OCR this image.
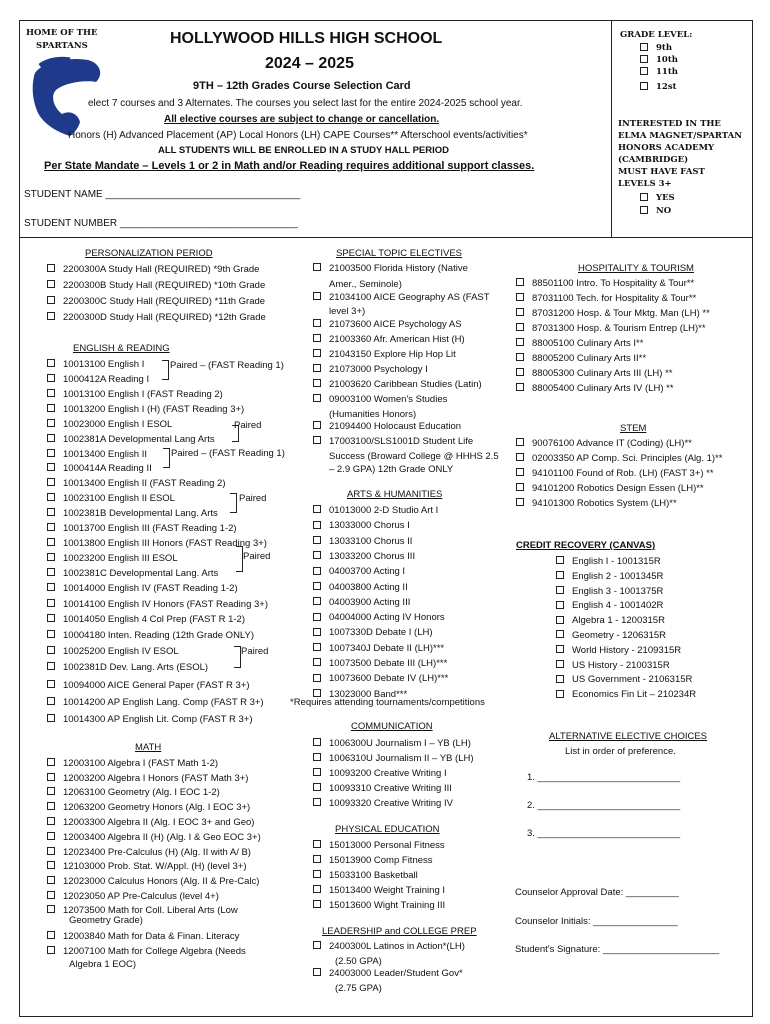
HOME OF THE
SPARTANS	HOLLYWOOD HILLS HIGH SCHOOL
2024 – 2025
9TH – 12th Grades Course Selection Card
elect 7 courses and 3 Alternates. The courses you select last for the entire 2024-2025 school year.
All elective courses are subject to change or cancellation.
Honors (H) Advanced Placement (AP) Local Honors (LH) CAPE Courses** Afterschool events/activities*
ALL STUDENTS WILL BE ENROLLED IN A STUDY HALL PERIOD
Per State Mandate – Levels 1 or 2 in Math and/or Reading requires additional support classes.
STUDENT NAME ___________________________________
STUDENT NUMBER ________________________________
GRADE LEVEL:
9th
10th
11th
12st
INTERESTED IN THE
ELMA MAGNET/SPARTAN
HONORS ACADEMY
(CAMBRIDGE)
MUST HAVE FAST
LEVELS 3+
YES
NO
PERSONALIZATION PERIOD
2200300A Study Hall (REQUIRED) *9th Grade
2200300B Study Hall (REQUIRED) *10th Grade
2200300C Study Hall (REQUIRED) *11th Grade
2200300D Study Hall (REQUIRED) *12th Grade
ENGLISH & READING
10013100 English I
1000412A Reading I
10013100 English I (FAST Reading 2)
10013200 English I (H) (FAST Reading 3+)
10023000 English I ESOL
1002381A Developmental Lang Arts
10013400 English II
1000414A Reading II
10013400 English II (FAST Reading 2)
10023100 English II ESOL
1002381B Developmental Lang. Arts
10013700 English III (FAST Reading 1-2)
10013800 English III Honors (FAST Reading 3+)
10023200 English III ESOL
1002381C Developmental Lang. Arts
10014000 English IV (FAST Reading 1-2)
10014100 English IV Honors (FAST Reading 3+)
10014050 English 4 Col Prep (FAST R 1-2)
10004180 Inten. Reading (12th Grade ONLY)
10025200 English IV ESOL
1002381D Dev. Lang. Arts (ESOL)
10094000 AICE General Paper (FAST R 3+)
10014200 AP English Lang. Comp (FAST R 3+)
10014300 AP English Lit. Comp (FAST R 3+)
Paired – (FAST Reading 1)
Paired
Paired – (FAST Reading 1)
Paired
Paired
Paired
MATH
12003100 Algebra I (FAST Math 1-2)
12003200 Algebra I Honors (FAST Math 3+)
12063100 Geometry (Alg. I EOC 1-2)
12063200 Geometry Honors (Alg. I EOC 3+)
12003300 Algebra II (Alg. I EOC 3+ and Geo)
12003400 Algebra II (H) (Alg. I & Geo EOC 3+)
12023400 Pre-Calculus (H) (Alg. II with A/ B)
12103000 Prob. Stat. W/Appl. (H) (level 3+)
12023000 Calculus Honors (Alg. II & Pre-Calc)
12023050 AP Pre-Calculus (level 4+)
12073500 Math for Coll. Liberal Arts (Low
12003840 Math for Data & Finan. Literacy
12007100 Math for College Algebra (Needs
Geometry Grade)
Algebra 1 EOC)
SPECIAL TOPIC ELECTIVES
21003500 Florida History (Native
Amer., Seminole)
21034100 AICE Geography AS (FAST
level 3+)
21073600 AICE Psychology AS
21003360 Afr. American Hist (H)
21043150 Explore Hip Hop Lit
21073000 Psychology I
21003620 Caribbean Studies (Latin)
09003100 Women's Studies
(Humanities Honors)
21094400 Holocaust Education
17003100/SLS1001D Student Life
Success (Broward College @ HHHS 2.5
– 2.9 GPA) 12th Grade ONLY
ARTS & HUMANITIES
01013000 2-D Studio Art I
13033000 Chorus I
13033100 Chorus II
13033200 Chorus III
04003700 Acting I
04003800 Acting II
04003900 Acting III
04004000 Acting IV Honors
1007330D Debate I (LH)
1007340J Debate II (LH)***
10073500 Debate III (LH)***
10073600 Debate IV (LH)***
13023000 Band***
*Requires attending tournaments/competitions
COMMUNICATION
1006300U Journalism I – YB (LH)
1006310U Journalism II – YB (LH)
10093200 Creative Writing I
10093310 Creative Writing III
10093320 Creative Writing IV
PHYSICAL EDUCATION
15013000 Personal Fitness
15013900 Comp Fitness
15033100 Basketball
15013400 Weight Training I
15013600 Wight Training III
LEADERSHIP and COLLEGE PREP
2400300L Latinos in Action*(LH)
(2.50 GPA)
24003000 Leader/Student Gov*
(2.75 GPA)
HOSPITALITY & TOURISM
88501100 Intro. To Hospitality & Tour**
87031100 Tech. for Hospitality & Tour**
87031200 Hosp. & Tour Mktg. Man (LH) **
87031300 Hosp. & Tourism Entrep (LH)**
88005100 Culinary Arts I**
88005200 Culinary Arts II**
88005300 Culinary Arts III (LH) **
88005400 Culinary Arts IV (LH) **
STEM
90076100 Advance IT (Coding) (LH)**
02003350 AP Comp. Sci. Principles (Alg. 1)**
94101100 Found of Rob. (LH) (FAST 3+) **
94101200 Robotics Design Essen (LH)**
94101300 Robotics System (LH)**
CREDIT RECOVERY (CANVAS)
English I - 1001315R
English 2 - 1001345R
English 3 - 1001375R
English 4 - 1001402R
Algebra 1 - 1200315R
Geometry - 1206315R
World History - 2109315R
US History - 2100315R
US Government - 2106315R
Economics Fin Lit – 210234R
ALTERNATIVE ELECTIVE CHOICES
List in order of preference.
1. ___________________________
2. ___________________________
3. ___________________________
Counselor Approval Date: __________
Counselor Initials: ________________
Student's Signature: ______________________
